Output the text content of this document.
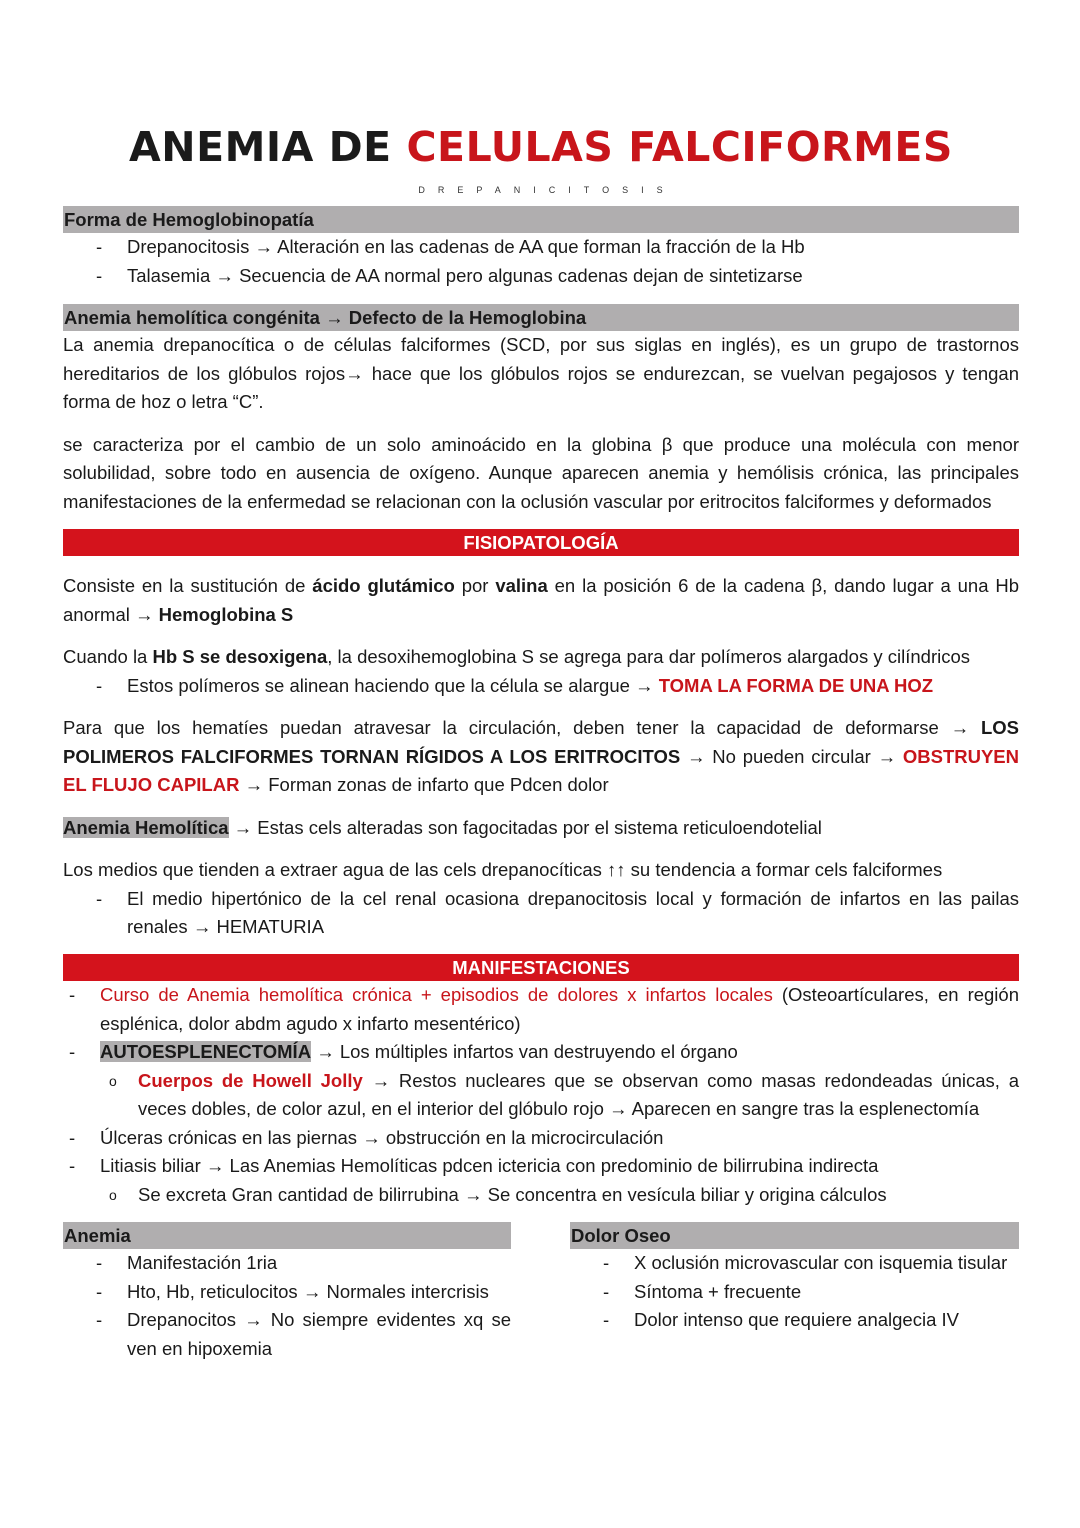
ANEMIA DE CELULAS FALCIFORMES
DREPANICITOSIS
Forma de Hemoglobinopatía
- Drepanocitosis → Alteración en las cadenas de AA que forman la fracción de la Hb
- Talasemia → Secuencia de AA normal pero algunas cadenas dejan de sintetizarse
Anemia hemolítica congénita → Defecto de la Hemoglobina

La anemia drepanocítica o de células falciformes (SCD, por sus siglas en inglés), es un grupo de trastornos hereditarios de los glóbulos rojos→ hace que los glóbulos rojos se endurezcan, se vuelvan pegajosos y tengan forma de hoz o letra “C”.

se caracteriza por el cambio de un solo aminoácido en la globina β que produce una molécula con menor solubilidad, sobre todo en ausencia de oxígeno. Aunque aparecen anemia y hemólisis crónica, las principales manifestaciones de la enfermedad se relacionan con la oclusión vascular por eritrocitos falciformes y deformados

FISIOPATOLOGÍA

Consiste en la sustitución de ácido glutámico por valina en la posición 6 de la cadena β, dando lugar a una Hb anormal → Hemoglobina S

Cuando la Hb S se desoxigena, la desoxihemoglobina S se agrega para dar polímeros alargados y cilíndricos

- Estos polímeros se alinean haciendo que la célula se alargue → TOMA LA FORMA DE UNA HOZ

Para que los hematíes puedan atravesar la circulación, deben tener la capacidad de deformarse → LOS POLIMEROS FALCIFORMES TORNAN RÍGIDOS A LOS ERITROCITOS → No pueden circular → OBSTRUYEN EL FLUJO CAPILAR → Forman zonas de infarto que Pdcen dolor

Anemia Hemolítica → Estas cels alteradas son fagocitadas por el sistema reticuloendotelial

Los medios que tienden a extraer agua de las cels drepanocíticas ↑↑ su tendencia a formar cels falciformes

- El medio hipertónico de la cel renal ocasiona drepanocitosis local y formación de infartos en las pailas renales → HEMATURIA
MANIFESTACIONES
- Curso de Anemia hemolítica crónica + episodios de dolores x infartos locales (Osteoartículares, en región esplénica, dolor abdm agudo x infarto mesentérico)
- AUTOESPLENECTOMÍA → Los múltiples infartos van destruyendo el órgano
o Cuerpos de Howell Jolly → Restos nucleares que se observan como masas redondeadas únicas, a veces dobles, de color azul, en el interior del glóbulo rojo → Aparecen en sangre tras la esplenectomía
- Úlceras crónicas en las piernas → obstrucción en la microcirculación
- Litiasis biliar → Las Anemias Hemolíticas pdcen ictericia con predominio de bilirrubina indirecta
o Se excreta Gran cantidad de bilirrubina → Se concentra en vesícula biliar y origina cálculos
Anemia
- Manifestación 1ria
- Hto, Hb, reticulocitos → Normales intercrisis
- Drepanocitos → No siempre evidentes xq se ven en hipoxemia
Dolor Oseo
- X oclusión microvascular con isquemia tisular
- Síntoma + frecuente
- Dolor intenso que requiere analgecia IV
